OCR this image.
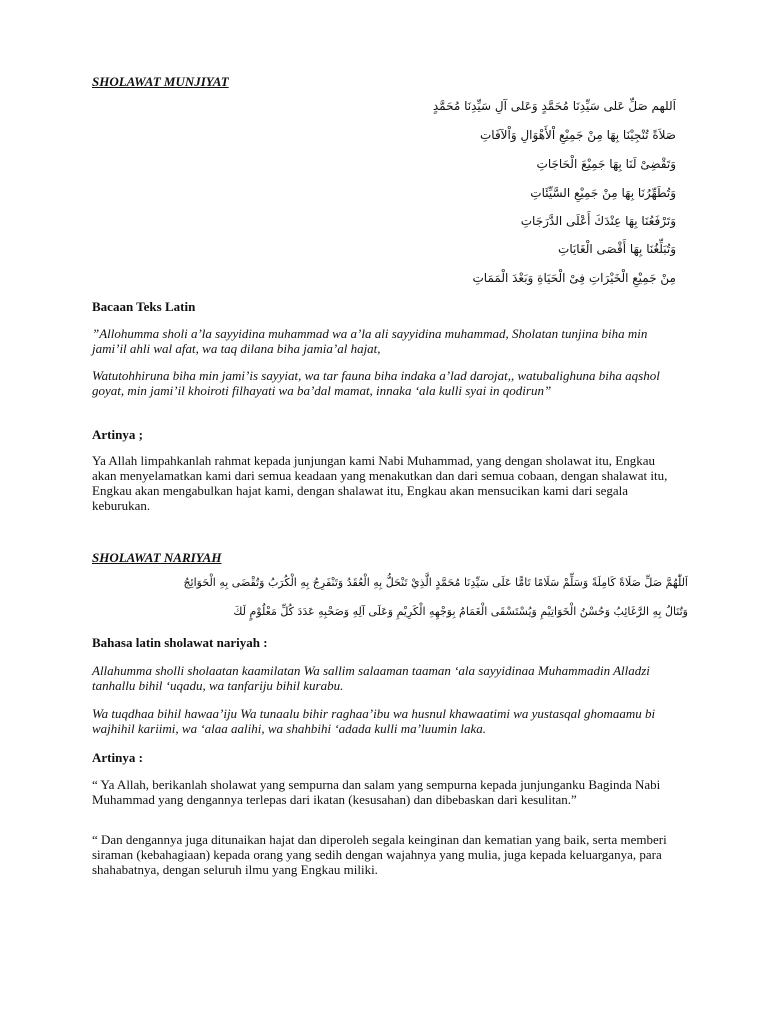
SHOLAWAT MUNJIYAT
اَللهم صَلِّ عَلى سَيِّدِنَا مُحَمَّدٍ وَعَلى آلِ سَيِّدِنَا مُحَمَّدٍ
صَلاَةً تُنْجِيْنَا بِهَا مِنْ جَمِيْعِ اْلأَهْوَالِ وَاْلآفَاتِ
وَتَقْضِىْ لَنَا بِهَا جَمِيْعَ الْحَاجَاتِ
وَتُطَهِّرُنَا بِهَا مِنْ جَمِيْعِ السَّيِّئَاتِ
وَتَرْفَعُنَا بِهَا عِنْدَكَ أَعْلَى الدَّرَجَاتِ
وَتُبَلِّغُنَا بِهَا أَقْصَى الْغَايَاتِ
مِنْ جَمِيْعِ الْخَيْرَاتِ فِىْ الْحَيَاةِ وَبَعْدَ الْمَمَاتِ
Bacaan Teks Latin
”Allohumma sholi a’la sayyidina muhammad wa a’la ali sayyidina muhammad, Sholatan tunjina biha min jami’il ahli wal afat, wa taq dilana biha jamia’al hajat,
Watutohhiruna biha min jami’is sayyiat, wa tar fauna biha indaka a’lad darojat,, watubalighuna biha aqshol goyat, min jami’il khoiroti filhayati wa ba’dal mamat, innaka ‘ala kulli syai in qodirun”
Artinya ;
Ya Allah limpahkanlah rahmat kepada junjungan kami Nabi Muhammad, yang dengan sholawat itu, Engkau akan menyelamatkan kami dari semua keadaan yang menakutkan dan dari semua cobaan, dengan shalawat itu, Engkau akan mengabulkan hajat kami, dengan shalawat itu, Engkau akan mensucikan kami dari segala keburukan.
SHOLAWAT NARIYAH
اَللّٰهُمَّ صَلِّ صَلَاةً كَامِلَةً وَسَلِّمْ سَلَامًا تَامًّا عَلَى سَيِّدِنَا مُحَمَّدٍ الَّذِيْ تَنْحَلُّ بِهِ الْعُقَدُ وَتَنْفَرِجُ بِهِ الْكُرَبُ وَتُقْضَى بِهِ الْحَوَائِجُ
وَتُنَالُ بِهِ الرَّغَائِبُ وَحُسْنُ الْخَوَاتِيْمِ وَيُسْتَسْقَى الْغَمَامُ بِوَجْهِهِ الْكَرِيْمِ وَعَلَى آلِهِ وَصَحْبِهِ عَدَدَ كُلِّ مَعْلُوْمٍ لَكَ
Bahasa latin sholawat nariyah :
Allahumma sholli sholaatan kaamilatan Wa sallim salaaman taaman ‘ala sayyidinaa Muhammadin Alladzi tanhallu bihil ‘uqadu, wa tanfariju bihil kurabu.
Wa tuqdhaa bihil hawaa’iju Wa tunaalu bihir raghaa’ibu wa husnul khawaatimi wa yustasqal ghomaamu bi wajhihil kariimi, wa ‘alaa aalihi, wa shahbihi ‘adada kulli ma’luumin laka.
Artinya :
“ Ya Allah, berikanlah sholawat yang sempurna dan salam yang sempurna kepada junjunganku Baginda Nabi Muhammad yang dengannya terlepas dari ikatan (kesusahan) dan dibebaskan dari kesulitan.”
“ Dan dengannya juga ditunaikan hajat dan diperoleh segala keinginan dan kematian yang baik, serta memberi siraman (kebahagiaan) kepada orang yang sedih dengan wajahnya yang mulia, juga kepada keluarganya, para shahabatnya, dengan seluruh ilmu yang Engkau miliki.
